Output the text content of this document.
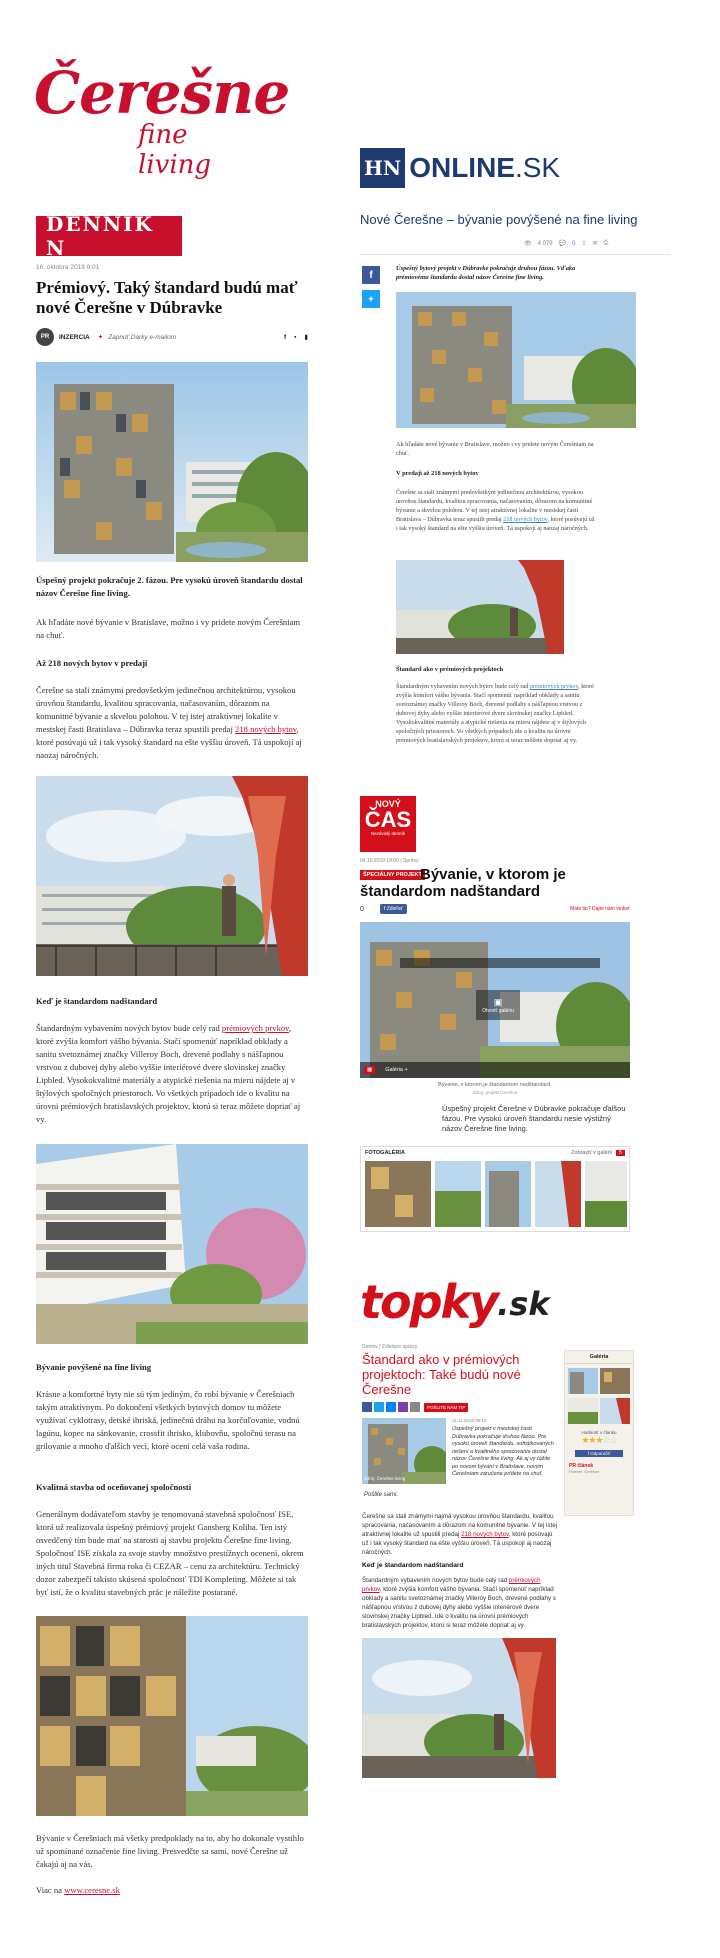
Čerešne
fine living
DENNÍK N
16. októbra 2019 0:01
Prémiový. Taký štandard budú mať nové Čerešne v Dúbravke
PR	INZERCIA ✦ Zapnúť Darky e-mailom	f ▪ ▮
Úspešný projekt pokračuje 2. fázou. Pre vysokú úroveň štandardu dostal názov Čerešne fine living.
Ak hľadáte nové bývanie v Bratislave, možno i vy pridete novým Čerešniam na chuť.
Až 218 nových bytov v predaji
Čerešne sa stali známymi predovšetkým jedinečnou architektúrou, vysokou úrovňou štandardu, kvalitou spracovania, načasovaním, dôrazom na komunitné bývanie a skvelou polohou. V tej istej atraktívnej lokalite v mestskej časti Bratislava – Dúbravka teraz spustili predaj 218 nových bytov, ktoré posúvajú už i tak vysoký štandard na ešte vyššiu úroveň. Tá uspokojí aj naozaj náročných.
Keď je štandardom nadštandard
Štandardným vybavením nových bytov bude celý rad prémiových prvkov, ktoré zvýšia komfort vášho bývania. Stačí spomenúť napríklad obklady a sanitu svetoznámej značky Villeroy Boch, drevené podlahy s nášľapnou vrstvou z dubovej dyhy alebo vyššie interiérové dvere slovinskej značky Lipbled. Vysokokvalitné materiály a atypické riešenia na mieru nájdete aj v štýlových spoločných priestoroch. Vo všetkých prípadoch ide o kvalitu na úrovni prémiových bratislavských projektov, ktorú si teraz môžete dopriať aj vy.
Bývanie povýšené na fine living
Krásne a komfortné byty nie sú tým jediným, čo robí bývanie v Čerešniach takým atraktívnym. Po dokončení všetkých bytových domov tu môžete využívať cyklotrasy, detské ihriská, jedinečnú dráhu na korčuľovanie, vodnú lagúnu, kopec na sánkovanie, crossfit ihrisko, klubovňu, spoločnú terasu na grilovanie a mnoho ďalších vecí, ktoré ocení celá vaša rodina.
Kvalitná stavba od oceňovanej spoločnosti
Generálnym dodávateľom stavby je renomovaná stavebná spoločnosť ISE, ktorá už realizovala úspešný prémiový projekt Gansberg Koliba. Ten istý osvedčený tím bude mať na starosti aj stavbu projektu Čerešne fine living. Spoločnosť ISE získala za svoje stavby množstvo prestížnych ocenení, okrem iných titul Stavebná firma roka či CEZAR – cenu za architektúru. Technický dozor zabezpečí takisto skúsená spoločnosť TDI Kompleting. Môžete si tak byť istí, že o kvalitu stavebných prác je náležite postarané.
Bývanie v Čerešniach má všetky predpoklady na to, aby ho dokonale vystihlo už spomínané označenie fine living. Presvedčte sa sami, nové Čerešne už čakajú aj na vás.
Viac na www.ceresne.sk
HN ONLINE .SK
Nové Čerešne – bývanie povýšené na fine living
👁 4 079 💬 0 ⇪ ✉ ⎙
f
✦
Úspešný bytový projekt v Dúbravke pokračuje druhou fázou. Vďaka prémiovému štandardu dostal názov Čerešne fine living.
Ak hľadáte nové bývanie v Bratislave, možno i vy pridete novým Čerešniam na chuť.
V predaji až 218 nových bytov
Čerešne sa stali známymi predovšetkým jedinečnou architektúrou, vysokou úrovňou štandardu, kvalitou spracovania, načasovaním, dôrazom na komunitné bývanie a skvelou polohou. V tej istej atraktívnej lokalite v mestskej časti Bratislava – Dúbravka teraz spustili predaj 218 nových bytov, ktoré posúvajú už i tak vysoký štandard na ešte vyššiu úroveň. Tá uspokojí aj naozaj náročných.
Štandard ako v prémiových projektoch
Štandardným vybavením nových bytov bude celý rad prémiových prvkov, ktoré zvýšia komfort vášho bývania. Stačí spomenúť napríklad obklady a sanitu svetoznámej značky Villeroy Boch, drevené podlahy s nášľapnou vrstvou z dubovej dyhy alebo vyššie interiérové dvere slovinskej značky Lipbled. Vysokokvalitné materiály a atypické riešenia na mieru nájdete aj v štýlových spoločných priestoroch. Vo všetkých prípadoch ide o kvalitu na úrovni prémiových bratislavských projektov, ktorú si teraz môžete dopriať aj vy.
NOVÝ
ČAS
Nezávislý denník
04.10.2019 18:00 | Správy
ŠPECIÁLNY PROJEKT
Bývanie, v ktorom je štandardom nadštandard
0	f Zdieľať	Máte tip? Dajte nám vedieť
▣
Otvoriť galériu
▦	Galéria +
Bývanie, v ktorom je štandardom nadštandard.
Zdroj: projekt Čerešne
Úspešný projekt Čerešne v Dúbravke pokračuje ďalšou fázou. Pre vysokú úroveň štandardu nesie výstižný názov Čerešne fine living.
FOTOGALÉRIA	Zobraziť v galérii	5
topky .sk
Domov | Zdielané správy
Štandard ako v prémiových projektoch: Také budú nové Čerešne
POŠLITE NÁM TIP
Zdroj: Čerešne living
11.11.2019 09:15
Úspešný projekt v mestskej časti Dúbravka pokračuje druhou fázou. Pre vysokú úroveň štandardu, sofistikovaných riešení a kvalitného spracovania dostal názov Čerešne fine living. Ak aj vy túžite po novom bývaní v Bratislave, novým Čerešniam zaručene prídete na chuť.
Pošlite sami.
Čerešne sa stali známymi najmä vysokou úrovňou štandardu, kvalitou spracovania, načasovaním a dôrazom na komunitné bývanie. V tej istej atraktívnej lokalite už spustili predaj 218 nových bytov, ktoré posúvajú už i tak vysoký štandard na ešte vyššiu úroveň. Tá uspokojí aj naozaj náročných.
Keď je štandardom nadštandard
Štandardným vybavením nových bytov bude celý rad prémiových prvkov, ktoré zvýšia komfort vášho bývania. Stačí spomenúť napríklad obklady a sanitu svetoznámej značky Villeroy Boch, drevené podlahy s nášľapnou vrstvou z dubovej dyhy alebo vyššie interiérové dvere slovinskej značky Lipbled. Ide o kvalitu na úrovni prémiových bratislavských projektov, ktorú si teraz môžete dopriať aj vy.
Galéria
Hodnotiť v članku
★★★☆☆
f Odporučiť
PR článok
Partner: Čerešne
